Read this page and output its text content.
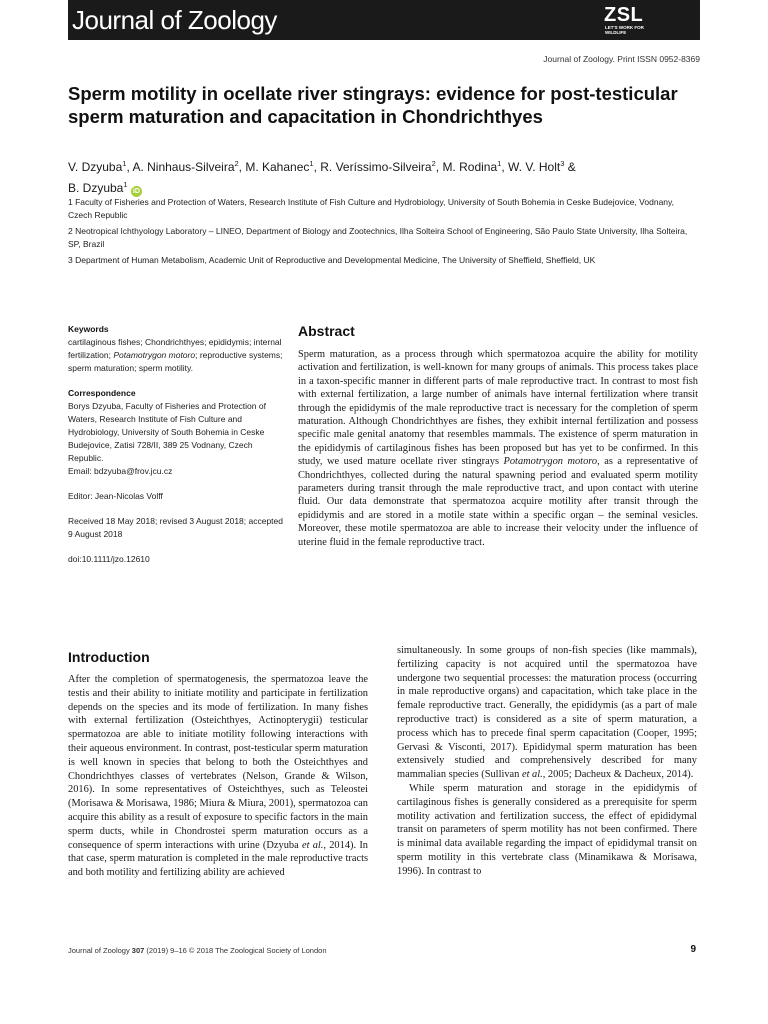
Journal of Zoology	ZSL
LET'S WORK FOR WILDLIFE
Journal of Zoology. Print ISSN 0952-8369
Sperm motility in ocellate river stingrays: evidence for post-testicular sperm maturation and capacitation in Chondrichthyes
V. Dzyuba$^1$, A. Ninhaus-Silveira$^2$, M. Kahanec$^1$, R. Veríssimo-Silveira$^2$, M. Rodina$^1$, W. V. Holt$^3$ &
B. Dzyuba$^1$ iD
1 Faculty of Fisheries and Protection of Waters, Research Institute of Fish Culture and Hydrobiology, University of South Bohemia in Ceske Budejovice, Vodnany, Czech Republic
2 Neotropical Ichthyology Laboratory – LINEO, Department of Biology and Zootechnics, Ilha Solteira School of Engineering, São Paulo State University, Ilha Solteira, SP, Brazil
3 Department of Human Metabolism, Academic Unit of Reproductive and Developmental Medicine, The University of Sheffield, Sheffield, UK
Keywords
cartilaginous fishes; Chondrichthyes; epididymis; internal fertilization; Potamotrygon motoro; reproductive systems; sperm maturation; sperm motility.
Correspondence
Borys Dzyuba, Faculty of Fisheries and Protection of Waters, Research Institute of Fish Culture and Hydrobiology, University of South Bohemia in Ceske Budejovice, Zatisi 728/II, 389 25 Vodnany, Czech Republic.
Email: bdzyuba@frov.jcu.cz
Editor: Jean-Nicolas Volff
Received 18 May 2018; revised 3 August 2018; accepted 9 August 2018
doi:10.1111/jzo.12610
Abstract

Sperm maturation, as a process through which spermatozoa acquire the ability for motility activation and fertilization, is well-known for many groups of animals. This process takes place in a taxon-specific manner in different parts of male reproductive tract. In contrast to most fish with external fertilization, a large number of animals have internal fertilization where transit through the epididymis of the male reproductive tract is necessary for the completion of sperm maturation. Although Chondrichthyes are fishes, they exhibit internal fertilization and possess specific male genital anatomy that resembles mammals. The existence of sperm maturation in the epididymis of cartilaginous fishes has been proposed but has yet to be confirmed. In this study, we used mature ocellate river stingrays Potamotrygon motoro, as a representative of Chondrichthyes, collected during the natural spawning period and evaluated sperm motility parameters during transit through the male reproductive tract, and upon contact with uterine fluid. Our data demonstrate that spermatozoa acquire motility after transit through the epididymis and are stored in a motile state within a specific organ – the seminal vesicles. Moreover, these motile spermatozoa are able to increase their velocity under the influence of uterine fluid in the female reproductive tract.

Introduction

After the completion of spermatogenesis, the spermatozoa leave the testis and their ability to initiate motility and participate in fertilization depends on the species and its mode of fertilization. In many fishes with external fertilization (Osteichthyes, Actinopterygii) testicular spermatozoa are able to initiate motility following interactions with their aqueous environment. In contrast, post-testicular sperm maturation is well known in species that belong to both the Osteichthyes and Chondrichthyes classes of vertebrates (Nelson, Grande & Wilson, 2016). In some representatives of Osteichthyes, such as Teleostei (Morisawa & Morisawa, 1986; Miura & Miura, 2001), spermatozoa can acquire this ability as a result of exposure to specific factors in the main sperm ducts, while in Chondrostei sperm maturation occurs as a consequence of sperm interactions with urine (Dzyuba et al., 2014). In that case, sperm maturation is completed in the male reproductive tracts and both motility and fertilizing ability are achieved

simultaneously. In some groups of non-fish species (like mammals), fertilizing capacity is not acquired until the spermatozoa have undergone two sequential processes: the maturation process (occurring in male reproductive organs) and capacitation, which take place in the female reproductive tract. Generally, the epididymis (as a part of male reproductive tract) is considered as a site of sperm maturation, a process which has to precede final sperm capacitation (Cooper, 1995; Gervasi & Visconti, 2017). Epididymal sperm maturation has been extensively studied and comprehensively described for many mammalian species (Sullivan et al., 2005; Dacheux & Dacheux, 2014).

While sperm maturation and storage in the epididymis of cartilaginous fishes is generally considered as a prerequisite for sperm motility activation and fertilization success, the effect of epididymal transit on parameters of sperm motility has not been confirmed. There is minimal data available regarding the impact of epididymal transit on sperm motility in this vertebrate class (Minamikawa & Morisawa, 1996). In contrast to

Journal of Zoology 307 (2019) 9–16 © 2018 The Zoological Society of London	9
